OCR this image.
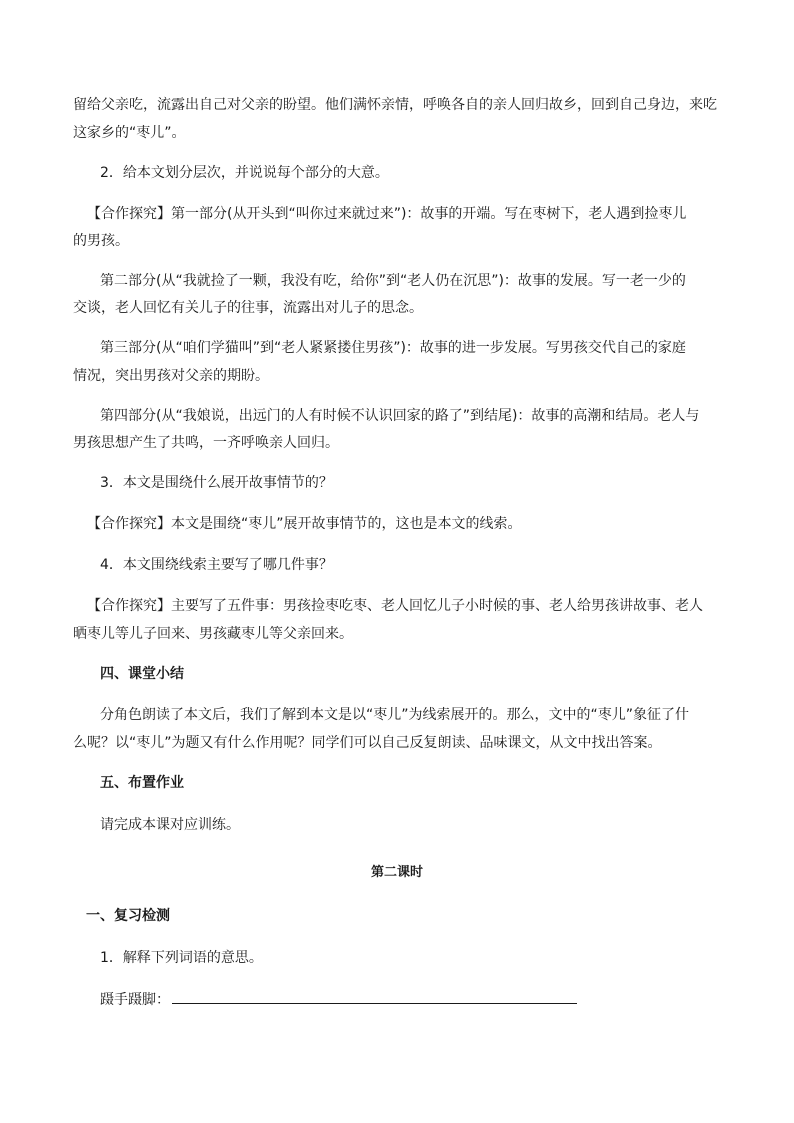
留给父亲吃，流露出自己对父亲的盼望。他们满怀亲情，呼唤各自的亲人回归故乡，回到自己身边，来吃
这家乡的“枣儿”。
2．给本文划分层次，并说说每个部分的大意。
【合作探究】第一部分(从开头到“叫你过来就过来”)：故事的开端。写在枣树下，老人遇到捡枣儿
的男孩。
第二部分(从“我就捡了一颗，我没有吃，给你”到“老人仍在沉思”)：故事的发展。写一老一少的
交谈，老人回忆有关儿子的往事，流露出对儿子的思念。
第三部分(从“咱们学猫叫”到“老人紧紧搂住男孩”)：故事的进一步发展。写男孩交代自己的家庭
情况，突出男孩对父亲的期盼。
第四部分(从“我娘说，出远门的人有时候不认识回家的路了”到结尾)：故事的高潮和结局。老人与
男孩思想产生了共鸣，一齐呼唤亲人回归。
3．本文是围绕什么展开故事情节的？
【合作探究】本文是围绕“枣儿”展开故事情节的，这也是本文的线索。
4．本文围绕线索主要写了哪几件事？
【合作探究】主要写了五件事：男孩捡枣吃枣、老人回忆儿子小时候的事、老人给男孩讲故事、老人
晒枣儿等儿子回来、男孩藏枣儿等父亲回来。
四、课堂小结
分角色朗读了本文后，我们了解到本文是以“枣儿”为线索展开的。那么，文中的“枣儿”象征了什
么呢？以“枣儿”为题又有什么作用呢？同学们可以自己反复朗读、品味课文，从文中找出答案。
五、布置作业
请完成本课对应训练。
第二课时
一、复习检测
1．解释下列词语的意思。
蹑手蹑脚：
